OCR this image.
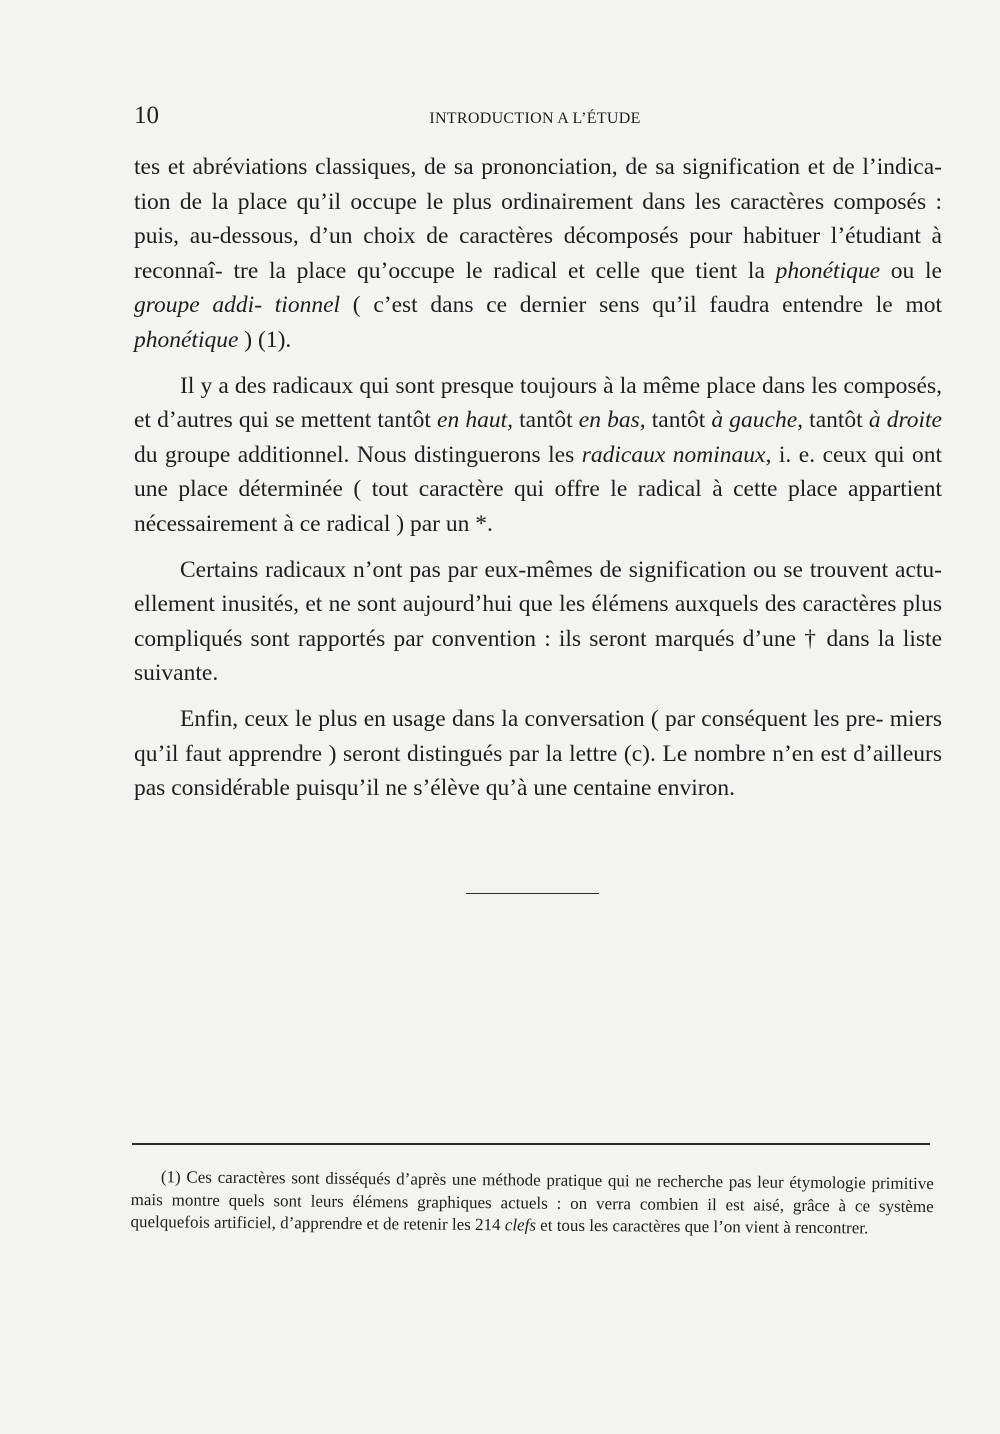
10	INTRODUCTION A L’ÉTUDE

tes et abréviations classiques, de sa prononciation, de sa signification et de l’indica- tion de la place qu’il occupe le plus ordinairement dans les caractères composés : puis, au-dessous, d’un choix de caractères décomposés pour habituer l’étudiant à reconnaî- tre la place qu’occupe le radical et celle que tient la phonétique ou le groupe addi- tionnel ( c’est dans ce dernier sens qu’il faudra entendre le mot phonétique ) (1).

Il y a des radicaux qui sont presque toujours à la même place dans les composés, et d’autres qui se mettent tantôt en haut, tantôt en bas, tantôt à gauche, tantôt à droite du groupe additionnel. Nous distinguerons les radicaux nominaux, i. e. ceux qui ont une place déterminée ( tout caractère qui offre le radical à cette place appartient nécessairement à ce radical ) par un *.

Certains radicaux n’ont pas par eux-mêmes de signification ou se trouvent actu- ellement inusités, et ne sont aujourd’hui que les élémens auxquels des caractères plus compliqués sont rapportés par convention : ils seront marqués d’une † dans la liste suivante.

Enfin, ceux le plus en usage dans la conversation ( par conséquent les pre- miers qu’il faut apprendre ) seront distingués par la lettre (c). Le nombre n’en est d’ailleurs pas considérable puisqu’il ne s’élève qu’à une centaine environ.

(1) Ces caractères sont disséqués d’après une méthode pratique qui ne recherche pas leur étymologie primitive mais montre quels sont leurs élémens graphiques actuels : on verra combien il est aisé, grâce à ce système quelquefois artificiel, d’apprendre et de retenir les 214 clefs et tous les caractères que l’on vient à rencontrer.
